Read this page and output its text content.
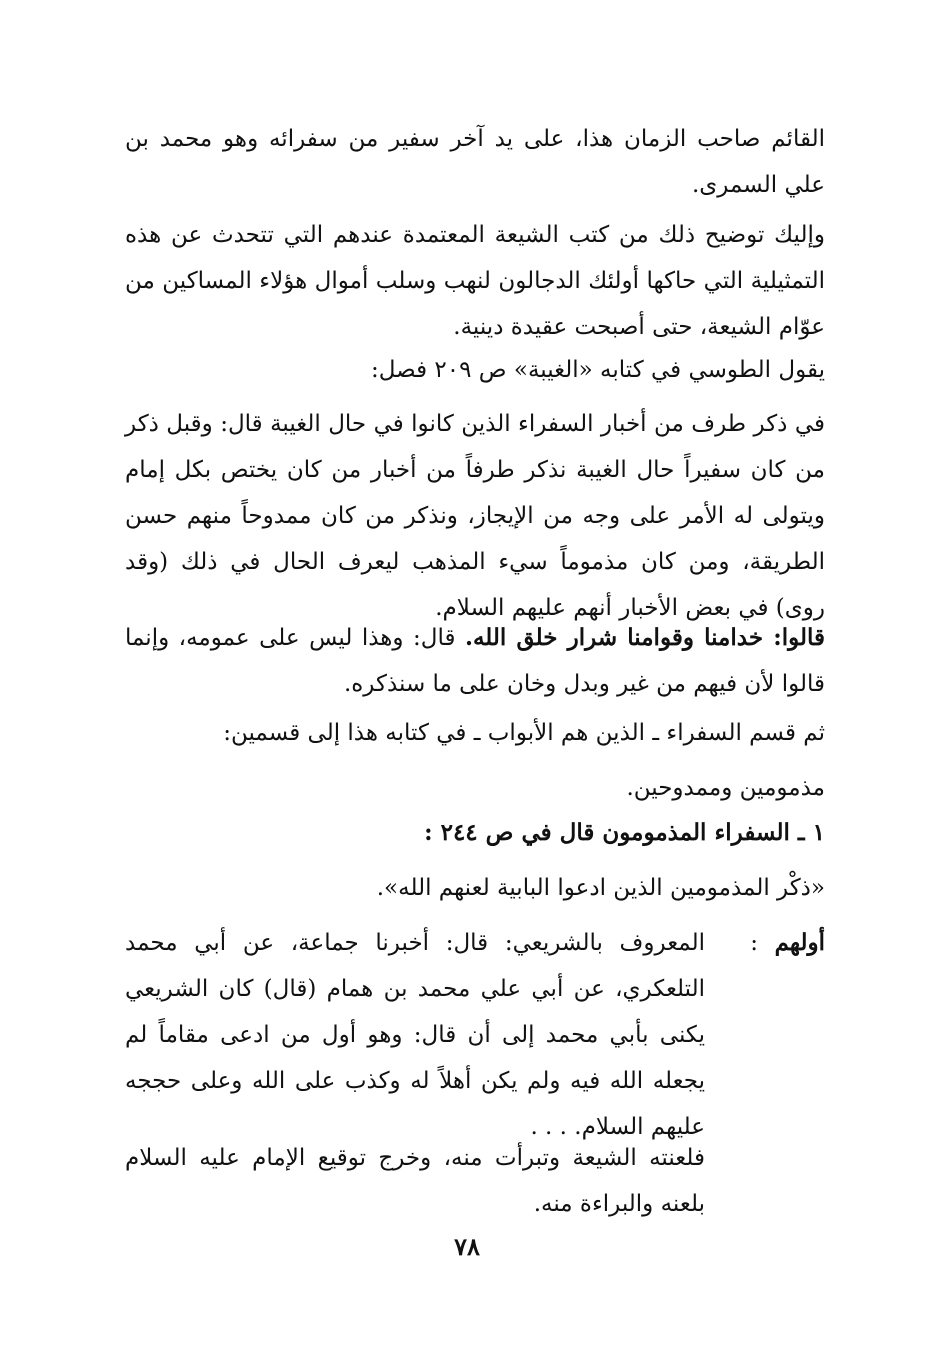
القائم صاحب الزمان هذا، على يد آخر سفير من سفرائه وهو محمد بن علي السمرى.
وإليك توضيح ذلك من كتب الشيعة المعتمدة عندهم التي تتحدث عن هذه التمثيلية التي حاكها أولئك الدجالون لنهب وسلب أموال هؤلاء المساكين من عوّام الشيعة، حتى أصبحت عقيدة دينية.
يقول الطوسي في كتابه «الغيبة» ص ٢٠٩ فصل:
في ذكر طرف من أخبار السفراء الذين كانوا في حال الغيبة قال: وقبل ذكر من كان سفيراً حال الغيبة نذكر طرفاً من أخبار من كان يختص بكل إمام ويتولى له الأمر على وجه من الإيجاز، ونذكر من كان ممدوحاً منهم حسن الطريقة، ومن كان مذموماً سيء المذهب ليعرف الحال في ذلك (وقد روى) في بعض الأخبار أنهم عليهم السلام.
قالوا: خدامنا وقوامنا شرار خلق الله. قال: وهذا ليس على عمومه، وإنما قالوا لأن فيهم من غير وبدل وخان على ما سنذكره.
ثم قسم السفراء ـ الذين هم الأبواب ـ في كتابه هذا إلى قسمين:
مذمومين وممدوحين.
١ ـ السفراء المذمومون قال في ص ٢٤٤ :
«ذكْر المذمومين الذين ادعوا البابية لعنهم الله».
أولهم
:
المعروف بالشريعي: قال: أخبرنا جماعة، عن أبي محمد التلعكري، عن أبي علي محمد بن همام (قال) كان الشريعي يكنى بأبي محمد إلى أن قال: وهو أول من ادعى مقاماً لم يجعله الله فيه ولم يكن أهلاً له وكذب على الله وعلى حججه عليهم السلام. . . .
فلعنته الشيعة وتبرأت منه، وخرج توقيع الإمام عليه السلام بلعنه والبراءة منه.
٧٨
